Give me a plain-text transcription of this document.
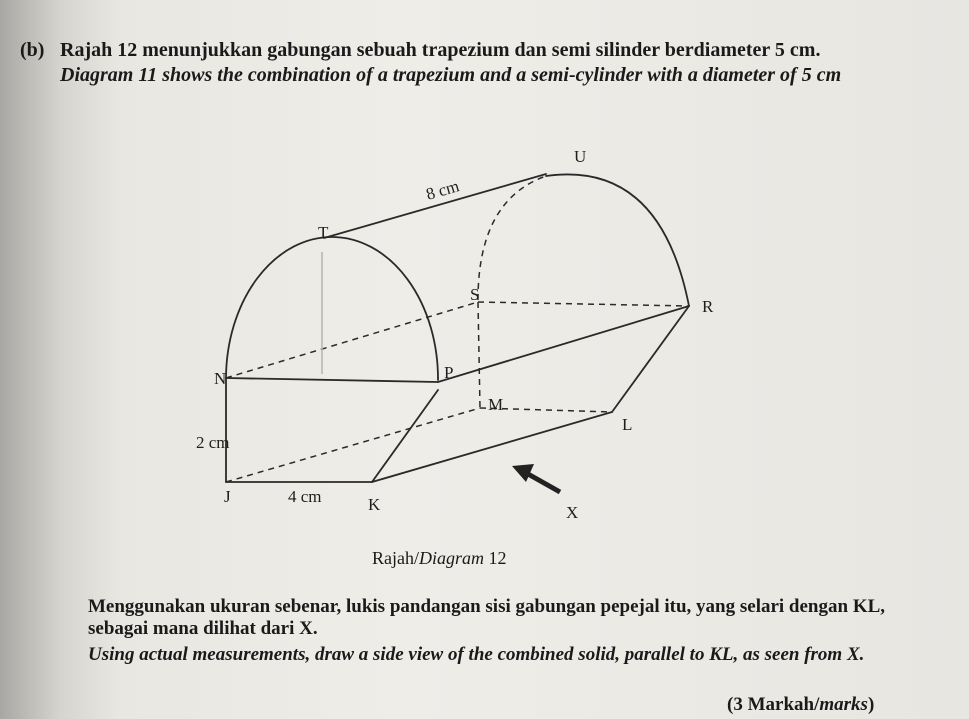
(b) Rajah 12 menunjukkan gabungan sebuah trapezium dan semi silinder berdiameter 5 cm.
Diagram 11 shows the combination of a trapezium and a semi-cylinder with a diameter of 5 cm
U
T
S
R
P
N
M
L
J	K	X
8 cm
2 cm
4 cm
Rajah/Diagram 12

Menggunakan ukuran sebenar, lukis pandangan sisi gabungan pepejal itu, yang selari dengan KL, sebagai mana dilihat dari X.

Using actual measurements, draw a side view of the combined solid, parallel to KL, as seen from X.

(3 Markah/marks)
